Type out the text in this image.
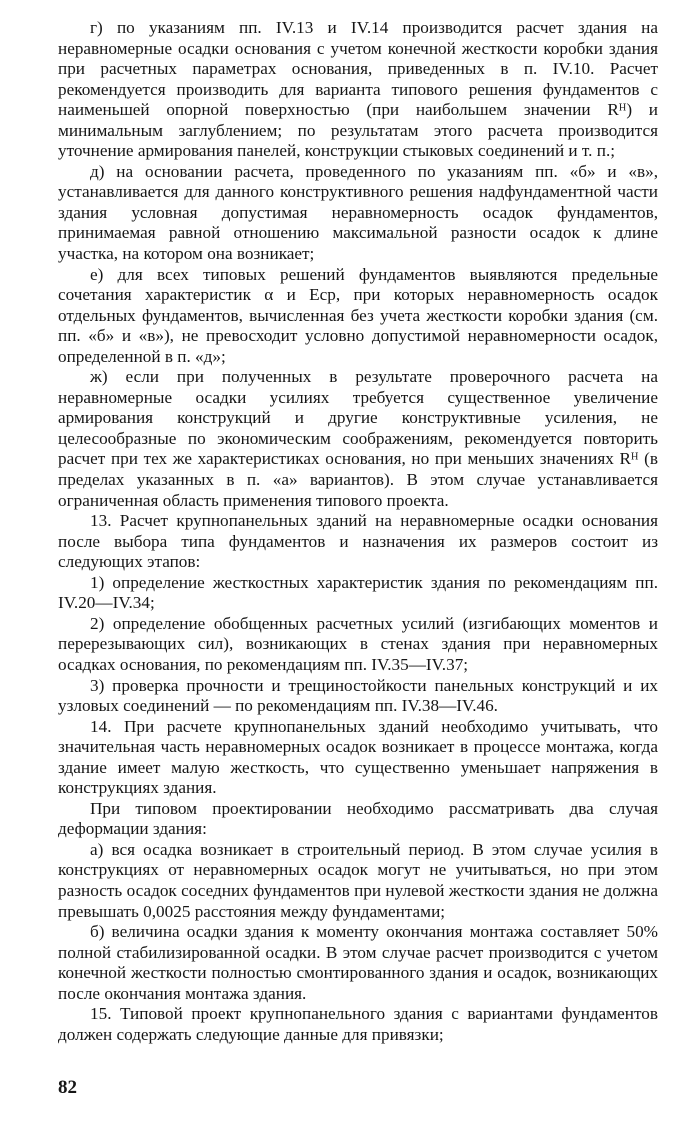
г) по указаниям пп. IV.13 и IV.14 производится расчет здания на неравномерные осадки основания с учетом конечной жесткости коробки здания при расчетных параметрах основания, приведенных в п. IV.10. Расчет рекомендуется производить для варианта типового решения фундаментов с наименьшей опорной поверхностью (при наибольшем значении Rᴴ) и минимальным заглублением; по результатам этого расчета производится уточнение армирования панелей, конструкции стыковых соединений и т. п.;

д) на основании расчета, проведенного по указаниям пп. «б» и «в», устанавливается для данного конструктивного решения надфундаментной части здания условная допустимая неравномерность осадок фундаментов, принимаемая равной отношению максимальной разности осадок к длине участка, на котором она возникает;

е) для всех типовых решений фундаментов выявляются предельные сочетания характеристик α и Eср, при которых неравномерность осадок отдельных фундаментов, вычисленная без учета жесткости коробки здания (см. пп. «б» и «в»), не превосходит условно допустимой неравномерности осадок, определенной в п. «д»;

ж) если при полученных в результате проверочного расчета на неравномерные осадки усилиях требуется существенное увеличение армирования конструкций и другие конструктивные усиления, не целесообразные по экономическим соображениям, рекомендуется повторить расчет при тех же характеристиках основания, но при меньших значениях Rᴴ (в пределах указанных в п. «а» вариантов). В этом случае устанавливается ограниченная область применения типового проекта.

13. Расчет крупнопанельных зданий на неравномерные осадки основания после выбора типа фундаментов и назначения их размеров состоит из следующих этапов:

1) определение жесткостных характеристик здания по рекомендациям пп. IV.20—IV.34;

2) определение обобщенных расчетных усилий (изгибающих моментов и перерезывающих сил), возникающих в стенах здания при неравномерных осадках основания, по рекомендациям пп. IV.35—IV.37;

3) проверка прочности и трещиностойкости панельных конструкций и их узловых соединений — по рекомендациям пп. IV.38—IV.46.

14. При расчете крупнопанельных зданий необходимо учитывать, что значительная часть неравномерных осадок возникает в процессе монтажа, когда здание имеет малую жесткость, что существенно уменьшает напряжения в конструкциях здания.

При типовом проектировании необходимо рассматривать два случая деформации здания:

а) вся осадка возникает в строительный период. В этом случае усилия в конструкциях от неравномерных осадок могут не учитываться, но при этом разность осадок соседних фундаментов при нулевой жесткости здания не должна превышать 0,0025 расстояния между фундаментами;

б) величина осадки здания к моменту окончания монтажа составляет 50% полной стабилизированной осадки. В этом случае расчет производится с учетом конечной жесткости полностью смонтированного здания и осадок, возникающих после окончания монтажа здания.

15. Типовой проект крупнопанельного здания с вариантами фундаментов должен содержать следующие данные для привязки;

82
